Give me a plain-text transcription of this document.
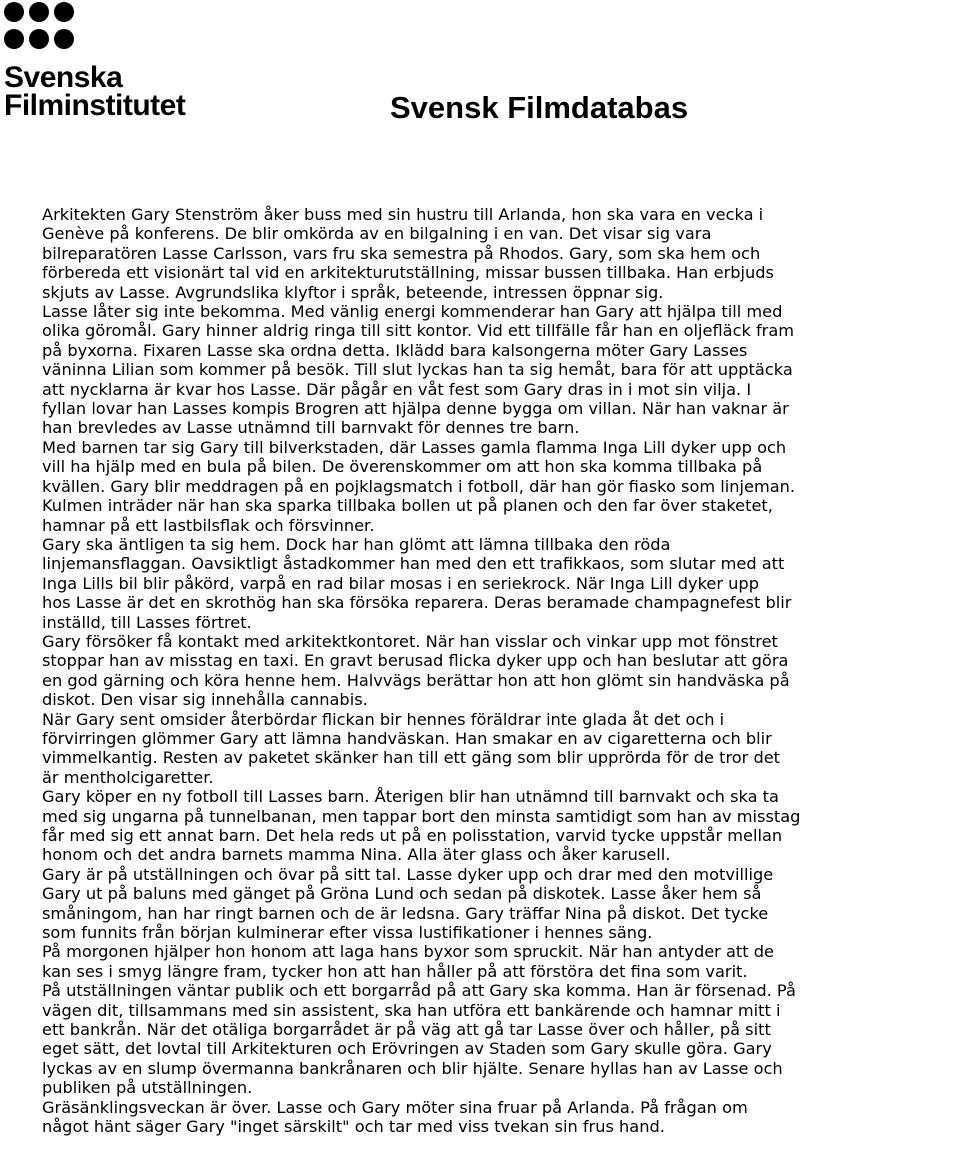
Svenska
Filminstitutet	Svensk Filmdatabas

Arkitekten Gary Stenström åker buss med sin hustru till Arlanda, hon ska vara en vecka i

Genève på konferens. De blir omkörda av en bilgalning i en van. Det visar sig vara

bilreparatören Lasse Carlsson, vars fru ska semestra på Rhodos. Gary, som ska hem och

förbereda ett visionärt tal vid en arkitekturutställning, missar bussen tillbaka. Han erbjuds

skjuts av Lasse. Avgrundslika klyftor i språk, beteende, intressen öppnar sig.

Lasse låter sig inte bekomma. Med vänlig energi kommenderar han Gary att hjälpa till med

olika göromål. Gary hinner aldrig ringa till sitt kontor. Vid ett tillfälle får han en oljefläck fram

på byxorna. Fixaren Lasse ska ordna detta. Iklädd bara kalsongerna möter Gary Lasses

väninna Lilian som kommer på besök. Till slut lyckas han ta sig hemåt, bara för att upptäcka

att nycklarna är kvar hos Lasse. Där pågår en våt fest som Gary dras in i mot sin vilja. I

fyllan lovar han Lasses kompis Brogren att hjälpa denne bygga om villan. När han vaknar är

han brevledes av Lasse utnämnd till barnvakt för dennes tre barn.

Med barnen tar sig Gary till bilverkstaden, där Lasses gamla flamma Inga Lill dyker upp och

vill ha hjälp med en bula på bilen. De överenskommer om att hon ska komma tillbaka på

kvällen. Gary blir meddragen på en pojklagsmatch i fotboll, där han gör fiasko som linjeman.

Kulmen inträder när han ska sparka tillbaka bollen ut på planen och den far över staketet,

hamnar på ett lastbilsflak och försvinner.

Gary ska äntligen ta sig hem. Dock har han glömt att lämna tillbaka den röda

linjemansflaggan. Oavsiktligt åstadkommer han med den ett trafikkaos, som slutar med att

Inga Lills bil blir påkörd, varpå en rad bilar mosas i en seriekrock. När Inga Lill dyker upp

hos Lasse är det en skrothög han ska försöka reparera. Deras beramade champagnefest blir

inställd, till Lasses förtret.

Gary försöker få kontakt med arkitektkontoret. När han visslar och vinkar upp mot fönstret

stoppar han av misstag en taxi. En gravt berusad flicka dyker upp och han beslutar att göra

en god gärning och köra henne hem. Halvvägs berättar hon att hon glömt sin handväska på

diskot. Den visar sig innehålla cannabis.

När Gary sent omsider återbördar flickan bir hennes föräldrar inte glada åt det och i

förvirringen glömmer Gary att lämna handväskan. Han smakar en av cigaretterna och blir

vimmelkantig. Resten av paketet skänker han till ett gäng som blir upprörda för de tror det

är mentholcigaretter.

Gary köper en ny fotboll till Lasses barn. Återigen blir han utnämnd till barnvakt och ska ta

med sig ungarna på tunnelbanan, men tappar bort den minsta samtidigt som han av misstag

får med sig ett annat barn. Det hela reds ut på en polisstation, varvid tycke uppstår mellan

honom och det andra barnets mamma Nina. Alla äter glass och åker karusell.

Gary är på utställningen och övar på sitt tal. Lasse dyker upp och drar med den motvillige

Gary ut på baluns med gänget på Gröna Lund och sedan på diskotek. Lasse åker hem så

småningom, han har ringt barnen och de är ledsna. Gary träffar Nina på diskot. Det tycke

som funnits från början kulminerar efter vissa lustifikationer i hennes säng.

På morgonen hjälper hon honom att laga hans byxor som spruckit. När han antyder att de

kan ses i smyg längre fram, tycker hon att han håller på att förstöra det fina som varit.

På utställningen väntar publik och ett borgarråd på att Gary ska komma. Han är försenad. På

vägen dit, tillsammans med sin assistent, ska han utföra ett bankärende och hamnar mitt i

ett bankrån. När det otäliga borgarrådet är på väg att gå tar Lasse över och håller, på sitt

eget sätt, det lovtal till Arkitekturen och Erövringen av Staden som Gary skulle göra. Gary

lyckas av en slump övermanna bankrånaren och blir hjälte. Senare hyllas han av Lasse och

publiken på utställningen.

Gräsänklingsveckan är över. Lasse och Gary möter sina fruar på Arlanda. På frågan om

något hänt säger Gary "inget särskilt" och tar med viss tvekan sin frus hand.
